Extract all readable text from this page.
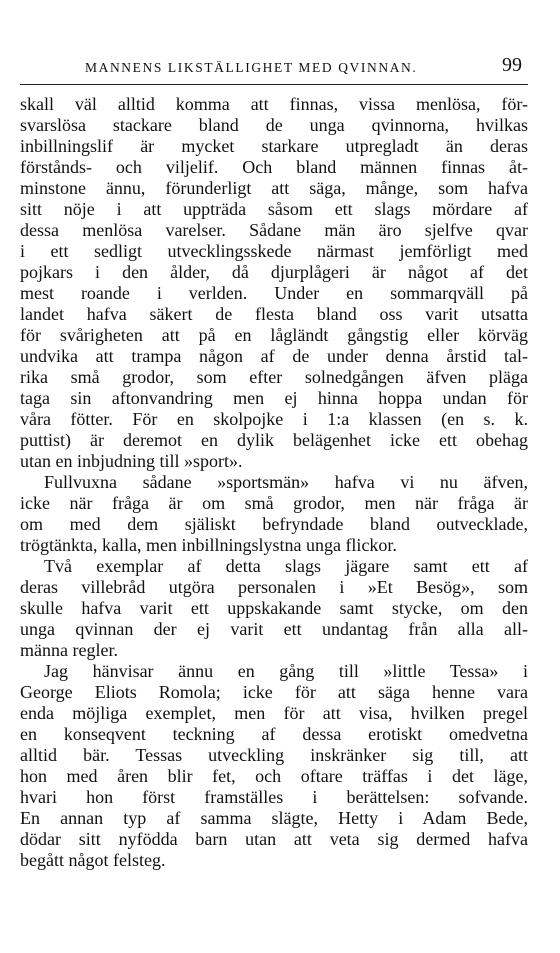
MANNENS LIKSTÄLLIGHET MED QVINNAN.	99
skall väl alltid komma att finnas, vissa menlösa, för-
svarslösa stackare bland de unga qvinnorna, hvilkas
inbillningslif är mycket starkare utpregladt än deras
förstånds- och viljelif. Och bland männen finnas åt-
minstone ännu, förunderligt att säga, månge, som hafva
sitt nöje i att uppträda såsom ett slags mördare af
dessa menlösa varelser. Sådane män äro sjelfve qvar
i ett sedligt utvecklingsskede närmast jemförligt med
pojkars i den ålder, då djurplågeri är något af det
mest roande i verlden. Under en sommarqväll på
landet hafva säkert de flesta bland oss varit utsatta
för svårigheten att på en lågländt gångstig eller körväg
undvika att trampa någon af de under denna årstid tal-
rika små grodor, som efter solnedgången äfven pläga
taga sin aftonvandring men ej hinna hoppa undan för
våra fötter. För en skolpojke i 1:a klassen (en s. k.
puttist) är deremot en dylik belägenhet icke ett obehag
utan en inbjudning till »sport».
Fullvuxna sådane »sportsmän» hafva vi nu äfven,
icke när fråga är om små grodor, men när fråga är
om med dem själiskt befryndade bland outvecklade,
trögtänkta, kalla, men inbillningslystna unga flickor.
Två exemplar af detta slags jägare samt ett af
deras villebråd utgöra personalen i »Et Besög», som
skulle hafva varit ett uppskakande samt stycke, om den
unga qvinnan der ej varit ett undantag från alla all-
männa regler.
Jag hänvisar ännu en gång till »little Tessa» i
George Eliots Romola; icke för att säga henne vara
enda möjliga exemplet, men för att visa, hvilken pregel
en konseqvent teckning af dessa erotiskt omedvetna
alltid bär. Tessas utveckling inskränker sig till, att
hon med åren blir fet, och oftare träffas i det läge,
hvari hon först framställes i berättelsen: sofvande.
En annan typ af samma slägte, Hetty i Adam Bede,
dödar sitt nyfödda barn utan att veta sig dermed hafva
begått något felsteg.
